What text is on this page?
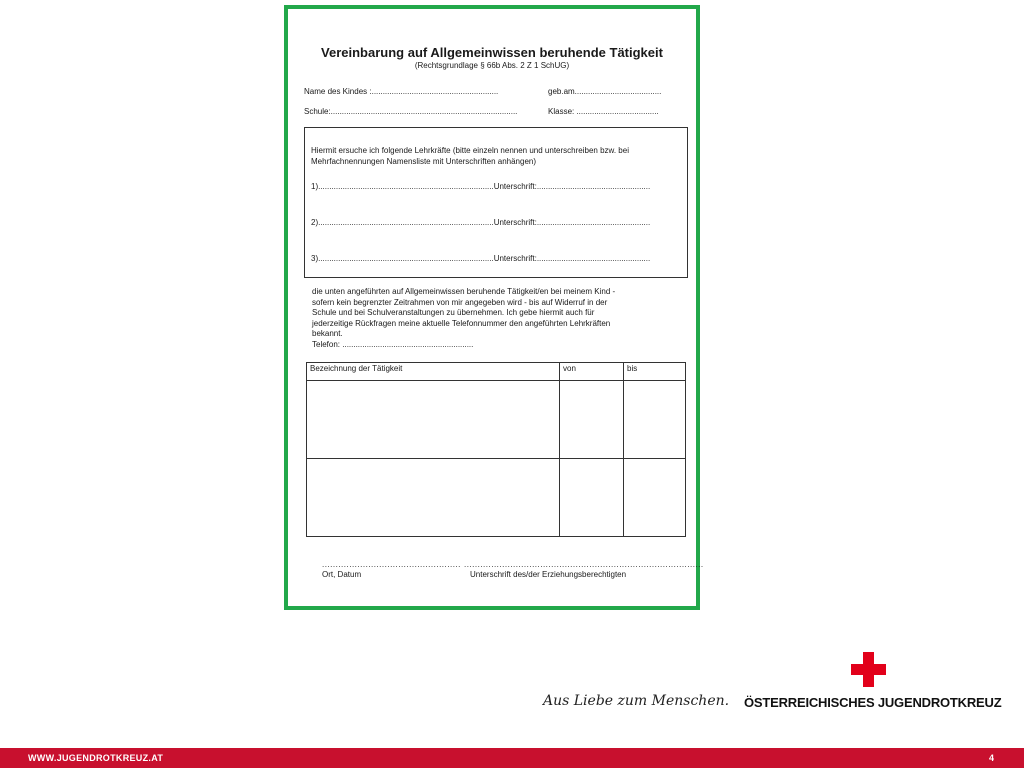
Vereinbarung auf Allgemeinwissen beruhende Tätigkeit
(Rechtsgrundlage § 66b Abs. 2 Z 1 SchUG)
Name des Kindes :.........................................................	geb.am.......................................
Schule:....................................................................................	Klasse: .....................................
Hiermit ersuche ich folgende Lehrkräfte (bitte einzeln nennen und unterschreiben bzw. bei
Mehrfachnennungen Namensliste mit Unterschriften anhängen)
1)...............................................................................Unterschrift:...................................................
2)...............................................................................Unterschrift:...................................................
3)...............................................................................Unterschrift:...................................................
die unten angeführten auf Allgemeinwissen beruhende Tätigkeit/en bei meinem Kind -
sofern kein begrenzter Zeitrahmen von mir angegeben wird - bis auf Widerruf in der
Schule und bei Schulveranstaltungen zu übernehmen. Ich gebe hiermit auch für
jederzeitige Rückfragen meine aktuelle Telefonnummer den angeführten Lehrkräften
bekannt.
Telefon: ...........................................................
Bezeichnung der Tätigkeit	von	bis

...................................................
Ort, Datum
........................................................................................
Unterschrift des/der Erziehungsberechtigten
Aus Liebe zum Menschen. ÖSTERREICHISCHES JUGENDROTKREUZ
WWW.JUGENDROTKREUZ.AT	4
